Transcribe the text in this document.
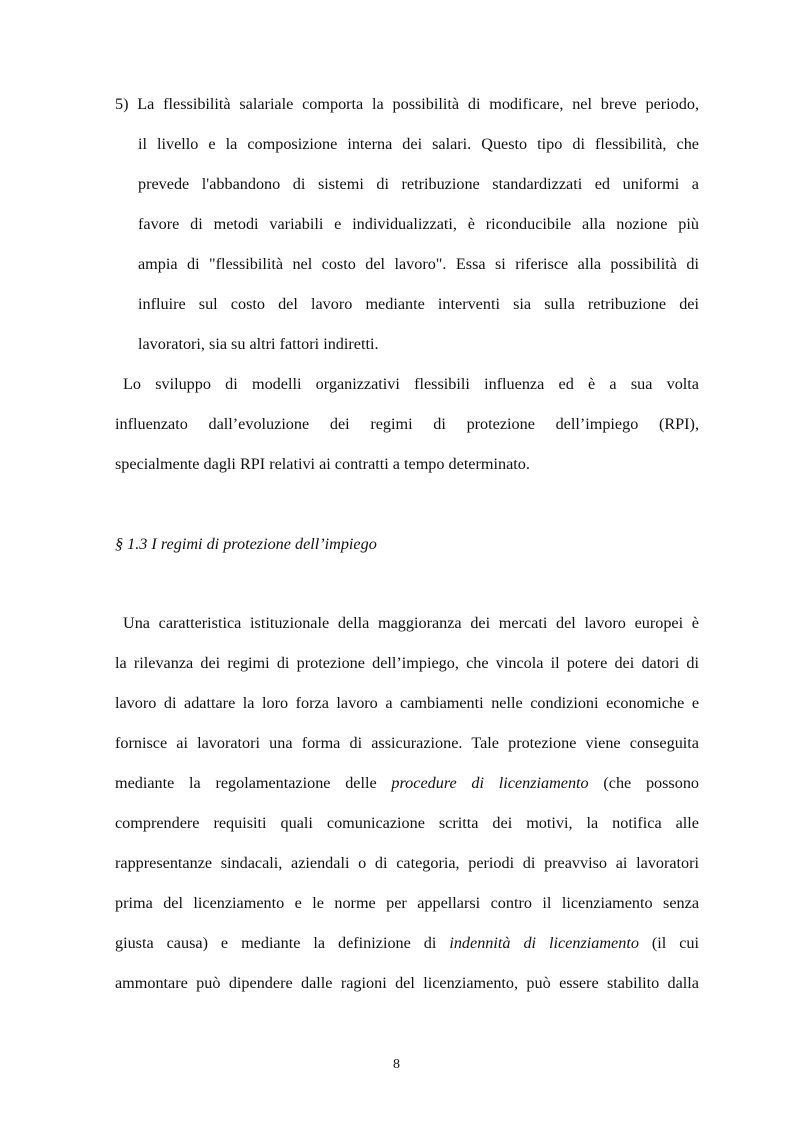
5) La flessibilità salariale comporta la possibilità di modificare, nel breve periodo,
il livello e la composizione interna dei salari. Questo tipo di flessibilità, che
prevede l'abbandono di sistemi di retribuzione standardizzati ed uniformi a
favore di metodi variabili e individualizzati, è riconducibile alla nozione più
ampia di "flessibilità nel costo del lavoro". Essa si riferisce alla possibilità di
influire sul costo del lavoro mediante interventi sia sulla retribuzione dei
lavoratori, sia su altri fattori indiretti.
Lo sviluppo di modelli organizzativi flessibili influenza ed è a sua volta
influenzato dall’evoluzione dei regimi di protezione dell’impiego (RPI),
specialmente dagli RPI relativi ai contratti a tempo determinato.
§ 1.3 I regimi di protezione dell’impiego
Una caratteristica istituzionale della maggioranza dei mercati del lavoro europei è
la rilevanza dei regimi di protezione dell’impiego, che vincola il potere dei datori di
lavoro di adattare la loro forza lavoro a cambiamenti nelle condizioni economiche e
fornisce ai lavoratori una forma di assicurazione. Tale protezione viene conseguita
mediante la regolamentazione delle procedure di licenziamento (che possono
comprendere requisiti quali comunicazione scritta dei motivi, la notifica alle
rappresentanze sindacali, aziendali o di categoria, periodi di preavviso ai lavoratori
prima del licenziamento e le norme per appellarsi contro il licenziamento senza
giusta causa) e mediante la definizione di indennità di licenziamento (il cui
ammontare può dipendere dalle ragioni del licenziamento, può essere stabilito dalla
8
